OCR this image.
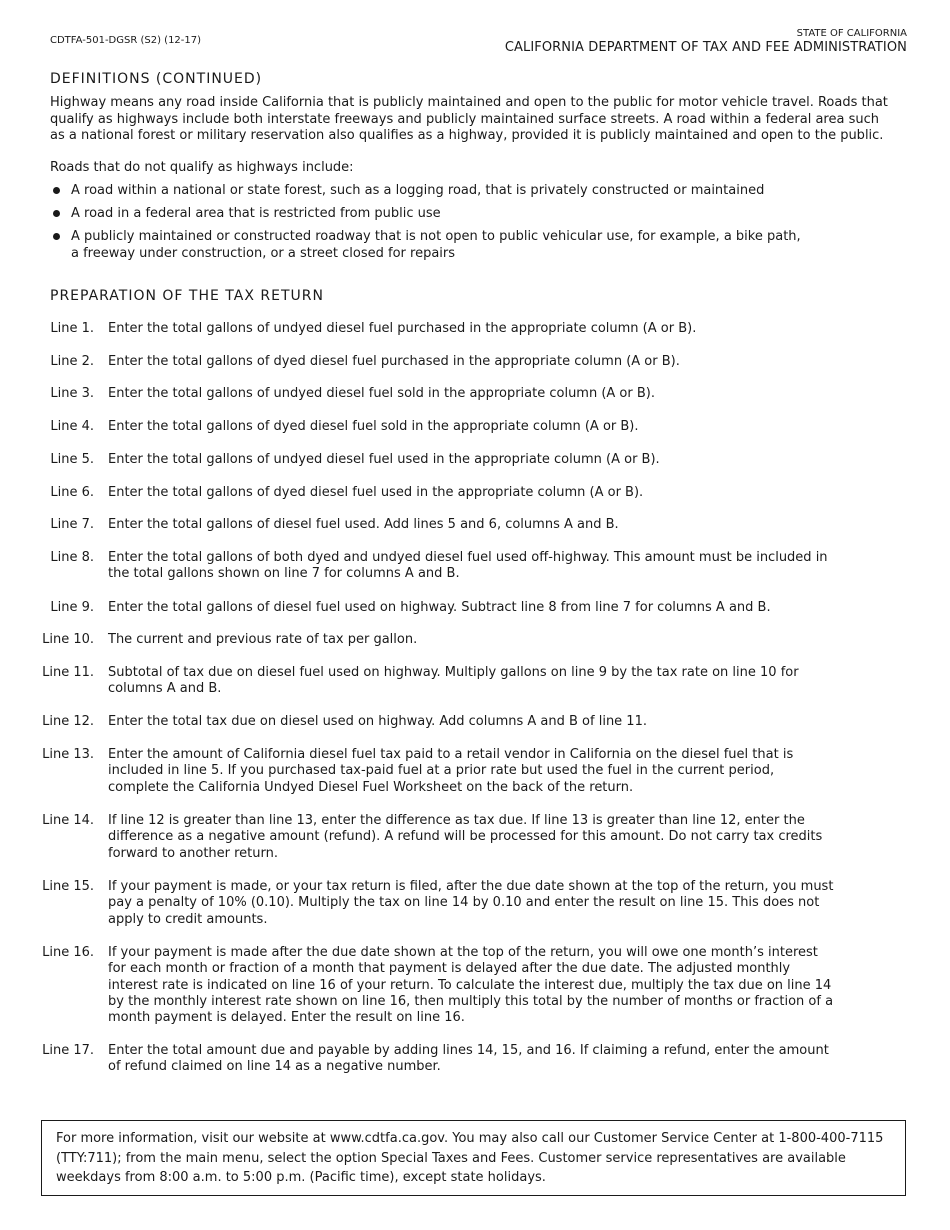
CDTFA-501-DGSR (S2) (12-17)
STATE OF CALIFORNIA
CALIFORNIA DEPARTMENT OF TAX AND FEE ADMINISTRATION
DEFINITIONS (CONTINUED)
Highway means any road inside California that is publicly maintained and open to the public for motor vehicle travel. Roads that qualify as highways include both interstate freeways and publicly maintained surface streets. A road within a federal area such as a national forest or military reservation also qualifies as a highway, provided it is publicly maintained and open to the public.
Roads that do not qualify as highways include:
A road within a national or state forest, such as a logging road, that is privately constructed or maintained
A road in a federal area that is restricted from public use
A publicly maintained or constructed roadway that is not open to public vehicular use, for example, a bike path, a freeway under construction, or a street closed for repairs
PREPARATION OF THE TAX RETURN
Line 1. Enter the total gallons of undyed diesel fuel purchased in the appropriate column (A or B).
Line 2. Enter the total gallons of dyed diesel fuel purchased in the appropriate column (A or B).
Line 3. Enter the total gallons of undyed diesel fuel sold in the appropriate column (A or B).
Line 4. Enter the total gallons of dyed diesel fuel sold in the appropriate column (A or B).
Line 5. Enter the total gallons of undyed diesel fuel used in the appropriate column (A or B).
Line 6. Enter the total gallons of dyed diesel fuel used in the appropriate column (A or B).
Line 7. Enter the total gallons of diesel fuel used. Add lines 5 and 6, columns A and B.
Line 8. Enter the total gallons of both dyed and undyed diesel fuel used off-highway. This amount must be included in the total gallons shown on line 7 for columns A and B.
Line 9. Enter the total gallons of diesel fuel used on highway. Subtract line 8 from line 7 for columns A and B.
Line 10. The current and previous rate of tax per gallon.
Line 11. Subtotal of tax due on diesel fuel used on highway. Multiply gallons on line 9 by the tax rate on line 10 for columns A and B.
Line 12. Enter the total tax due on diesel used on highway. Add columns A and B of line 11.
Line 13. Enter the amount of California diesel fuel tax paid to a retail vendor in California on the diesel fuel that is included in line 5. If you purchased tax-paid fuel at a prior rate but used the fuel in the current period, complete the California Undyed Diesel Fuel Worksheet on the back of the return.
Line 14. If line 12 is greater than line 13, enter the difference as tax due. If line 13 is greater than line 12, enter the difference as a negative amount (refund). A refund will be processed for this amount. Do not carry tax credits forward to another return.
Line 15. If your payment is made, or your tax return is filed, after the due date shown at the top of the return, you must pay a penalty of 10% (0.10). Multiply the tax on line 14 by 0.10 and enter the result on line 15. This does not apply to credit amounts.
Line 16. If your payment is made after the due date shown at the top of the return, you will owe one month’s interest for each month or fraction of a month that payment is delayed after the due date. The adjusted monthly interest rate is indicated on line 16 of your return. To calculate the interest due, multiply the tax due on line 14 by the monthly interest rate shown on line 16, then multiply this total by the number of months or fraction of a month payment is delayed. Enter the result on line 16.
Line 17. Enter the total amount due and payable by adding lines 14, 15, and 16. If claiming a refund, enter the amount of refund claimed on line 14 as a negative number.
For more information, visit our website at www.cdtfa.ca.gov. You may also call our Customer Service Center at 1-800-400-7115 (TTY:711); from the main menu, select the option Special Taxes and Fees. Customer service representatives are available weekdays from 8:00 a.m. to 5:00 p.m. (Pacific time), except state holidays.
